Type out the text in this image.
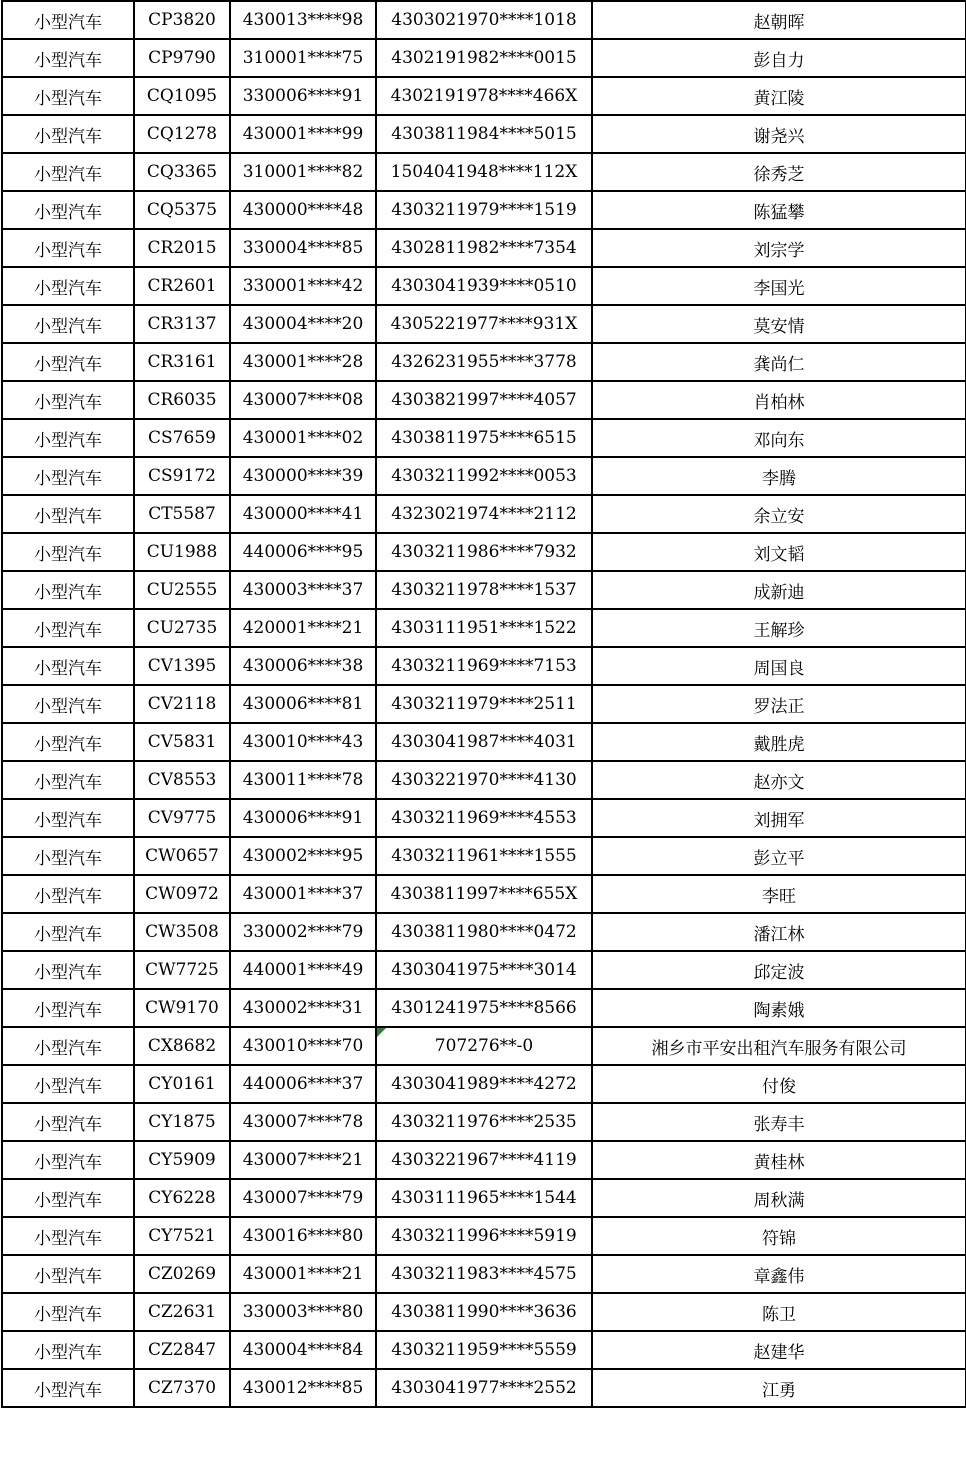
小型汽车	CP3820	430013****98	4303021970****1018	赵朝晖
小型汽车	CP9790	310001****75	4302191982****0015	彭自力
小型汽车	CQ1095	330006****91	4302191978****466X	黄江陵
小型汽车	CQ1278	430001****99	4303811984****5015	谢尧兴
小型汽车	CQ3365	310001****82	1504041948****112X	徐秀芝
小型汽车	CQ5375	430000****48	4303211979****1519	陈猛攀
小型汽车	CR2015	330004****85	4302811982****7354	刘宗学
小型汽车	CR2601	330001****42	4303041939****0510	李国光
小型汽车	CR3137	430004****20	4305221977****931X	莫安情
小型汽车	CR3161	430001****28	4326231955****3778	龚尚仁
小型汽车	CR6035	430007****08	4303821997****4057	肖柏林
小型汽车	CS7659	430001****02	4303811975****6515	邓向东
小型汽车	CS9172	430000****39	4303211992****0053	李腾
小型汽车	CT5587	430000****41	4323021974****2112	余立安
小型汽车	CU1988	440006****95	4303211986****7932	刘文韬
小型汽车	CU2555	430003****37	4303211978****1537	成新迪
小型汽车	CU2735	420001****21	4303111951****1522	王解珍
小型汽车	CV1395	430006****38	4303211969****7153	周国良
小型汽车	CV2118	430006****81	4303211979****2511	罗法正
小型汽车	CV5831	430010****43	4303041987****4031	戴胜虎
小型汽车	CV8553	430011****78	4303221970****4130	赵亦文
小型汽车	CV9775	430006****91	4303211969****4553	刘拥军
小型汽车	CW0657	430002****95	4303211961****1555	彭立平
小型汽车	CW0972	430001****37	4303811997****655X	李旺
小型汽车	CW3508	330002****79	4303811980****0472	潘江林
小型汽车	CW7725	440001****49	4303041975****3014	邱定波
小型汽车	CW9170	430002****31	4301241975****8566	陶素娥
小型汽车	CX8682	430010****70	707276**-0	湘乡市平安出租汽车服务有限公司
小型汽车	CY0161	440006****37	4303041989****4272	付俊
小型汽车	CY1875	430007****78	4303211976****2535	张寿丰
小型汽车	CY5909	430007****21	4303221967****4119	黄桂林
小型汽车	CY6228	430007****79	4303111965****1544	周秋满
小型汽车	CY7521	430016****80	4303211996****5919	符锦
小型汽车	CZ0269	430001****21	4303211983****4575	章鑫伟
小型汽车	CZ2631	330003****80	4303811990****3636	陈卫
小型汽车	CZ2847	430004****84	4303211959****5559	赵建华
小型汽车	CZ7370	430012****85	4303041977****2552	江勇
